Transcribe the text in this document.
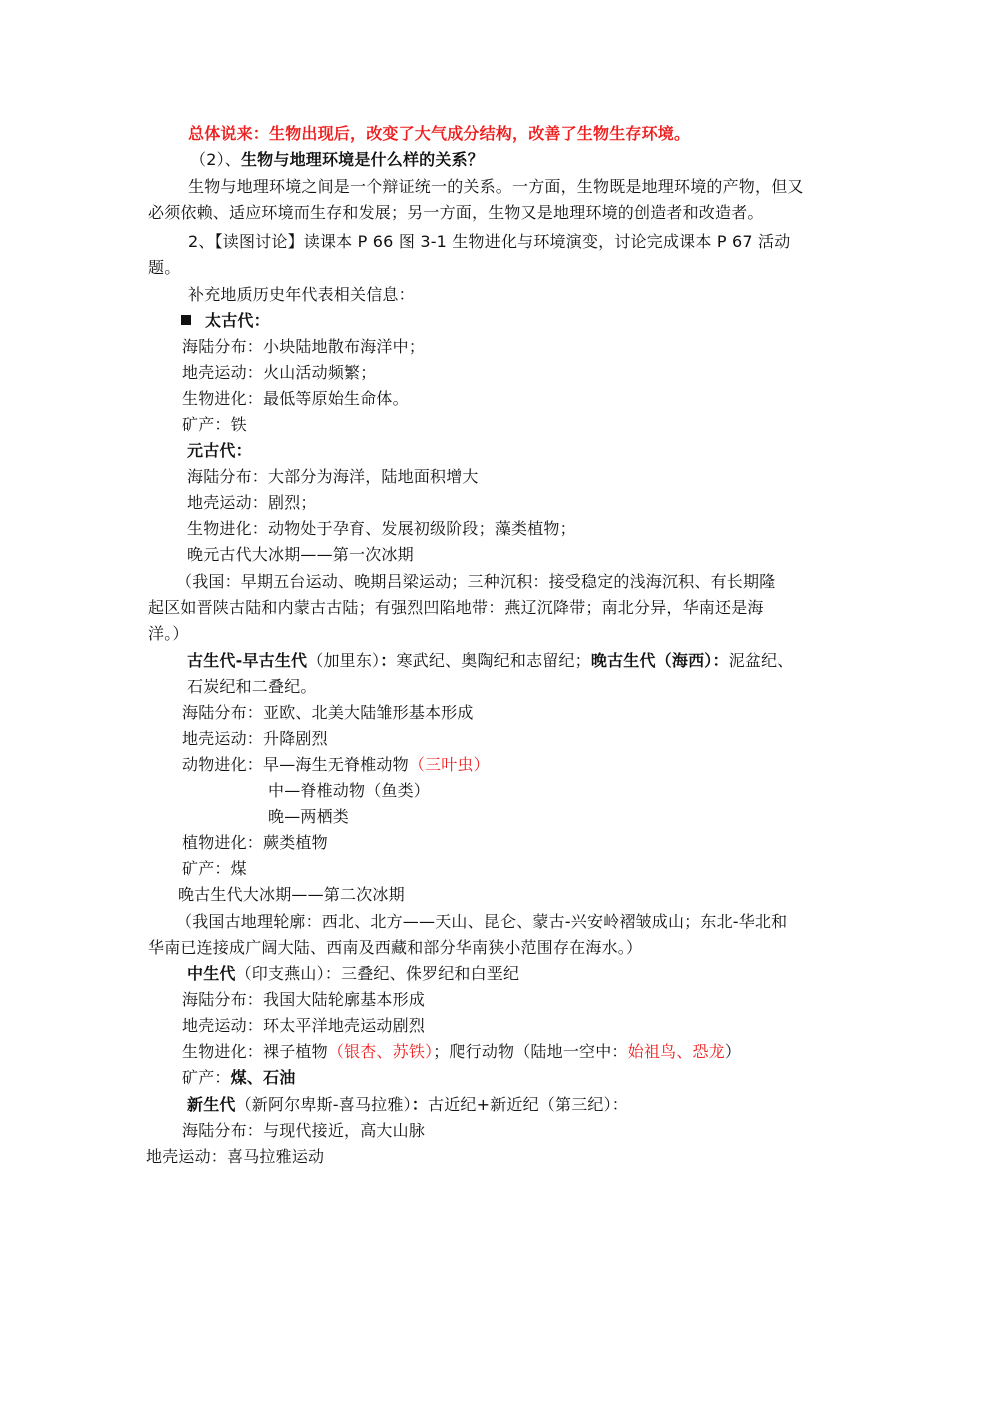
总体说来：生物出现后，改变了大气成分结构，改善了生物生存环境。
（2）、生物与地理环境是什么样的关系？
生物与地理环境之间是一个辩证统一的关系。一方面，生物既是地理环境的产物，但又
必须依赖、适应环境而生存和发展；另一方面，生物又是地理环境的创造者和改造者。
2、【读图讨论】读课本 P 66 图 3-1 生物进化与环境演变，讨论完成课本 P 67 活动
题。
补充地质历史年代表相关信息：
太古代：
海陆分布：小块陆地散布海洋中；
地壳运动：火山活动频繁；
生物进化：最低等原始生命体。
矿产：铁
元古代：
海陆分布：大部分为海洋，陆地面积增大
地壳运动：剧烈；
生物进化：动物处于孕育、发展初级阶段；藻类植物；
晚元古代大冰期——第一次冰期
（我国：早期五台运动、晚期吕梁运动；三种沉积：接受稳定的浅海沉积、有长期隆
起区如晋陕古陆和内蒙古古陆；有强烈凹陷地带：燕辽沉降带；南北分异，华南还是海
洋。）
古生代-早古生代（加里东）：寒武纪、奥陶纪和志留纪；晚古生代（海西）：泥盆纪、
石炭纪和二叠纪。
海陆分布：亚欧、北美大陆雏形基本形成
地壳运动：升降剧烈
动物进化：早—海生无脊椎动物（三叶虫）
中—脊椎动物（鱼类）
晚—两栖类
植物进化：蕨类植物
矿产：煤
晚古生代大冰期——第二次冰期
（我国古地理轮廓：西北、北方——天山、昆仑、蒙古-兴安岭褶皱成山；东北-华北和
华南已连接成广阔大陆、西南及西藏和部分华南狭小范围存在海水。）
中生代（印支燕山）：三叠纪、侏罗纪和白垩纪
海陆分布：我国大陆轮廓基本形成
地壳运动：环太平洋地壳运动剧烈
生物进化：裸子植物（银杏、苏铁）；爬行动物（陆地一空中：始祖鸟、恐龙）
矿产：煤、石油
新生代（新阿尔卑斯-喜马拉雅）：古近纪+新近纪（第三纪）：
海陆分布：与现代接近，高大山脉
地壳运动：喜马拉雅运动
